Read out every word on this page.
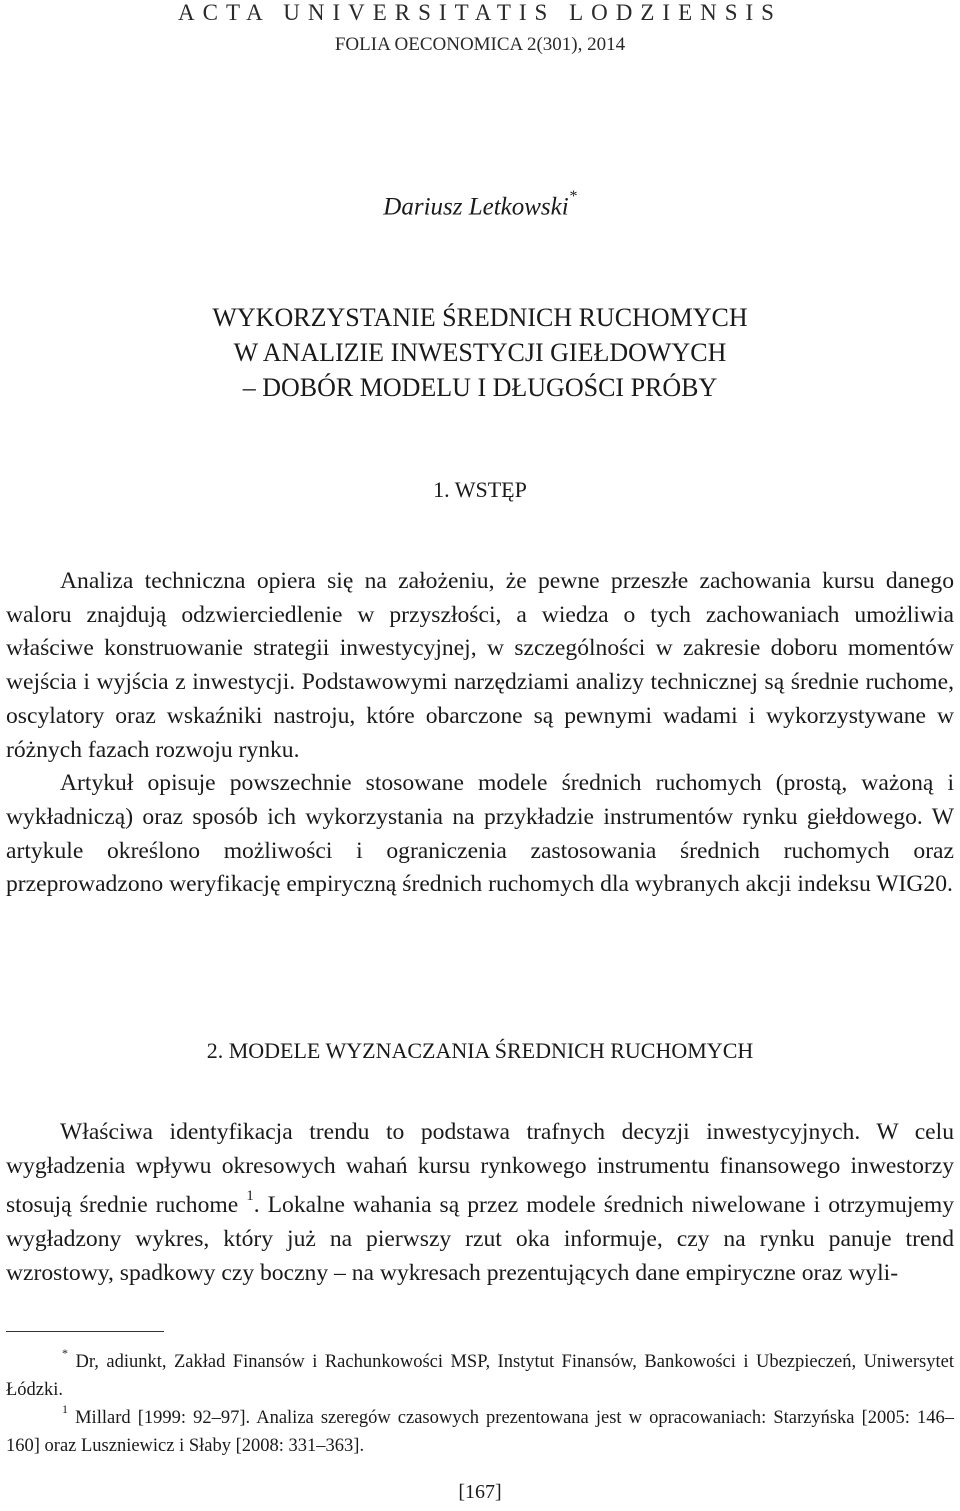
ACTA UNIVERSITATIS LODZIENSIS
FOLIA OECONOMICA 2(301), 2014
Dariusz Letkowski*
WYKORZYSTANIE ŚREDNICH RUCHOMYCH
W ANALIZIE INWESTYCJI GIEŁDOWYCH
– DOBÓR MODELU I DŁUGOŚCI PRÓBY
1. WSTĘP

Analiza techniczna opiera się na założeniu, że pewne przeszłe zachowania kursu danego waloru znajdują odzwierciedlenie w przyszłości, a wiedza o tych zachowaniach umożliwia właściwe konstruowanie strategii inwestycyjnej, w szczególności w zakresie doboru momentów wejścia i wyjścia z inwestycji. Podstawowymi narzędziami analizy technicznej są średnie ruchome, oscylatory oraz wskaźniki nastroju, które obarczone są pewnymi wadami i wykorzystywane w różnych fazach rozwoju rynku.

Artykuł opisuje powszechnie stosowane modele średnich ruchomych (prostą, ważoną i wykładniczą) oraz sposób ich wykorzystania na przykładzie instrumentów rynku giełdowego. W artykule określono możliwości i ograniczenia zastosowania średnich ruchomych oraz przeprowadzono weryfikację empiryczną średnich ruchomych dla wybranych akcji indeksu WIG20.

2. MODELE WYZNACZANIA ŚREDNICH RUCHOMYCH

Właściwa identyfikacja trendu to podstawa trafnych decyzji inwestycyjnych. W celu wygładzenia wpływu okresowych wahań kursu rynkowego instrumentu finansowego inwestorzy stosują średnie ruchome $^1$. Lokalne wahania są przez modele średnich niwelowane i otrzymujemy wygładzony wykres, który już na pierwszy rzut oka informuje, czy na rynku panuje trend wzrostowy, spadkowy czy boczny – na wykresach prezentujących dane empiryczne oraz wyli-

* Dr, adiunkt, Zakład Finansów i Rachunkowości MSP, Instytut Finansów, Bankowości i Ubezpieczeń, Uniwersytet Łódzki.

$^1$ Millard [1999: 92–97]. Analiza szeregów czasowych prezentowana jest w opracowaniach: Starzyńska [2005: 146–160] oraz Luszniewicz i Słaby [2008: 331–363].

[167]
